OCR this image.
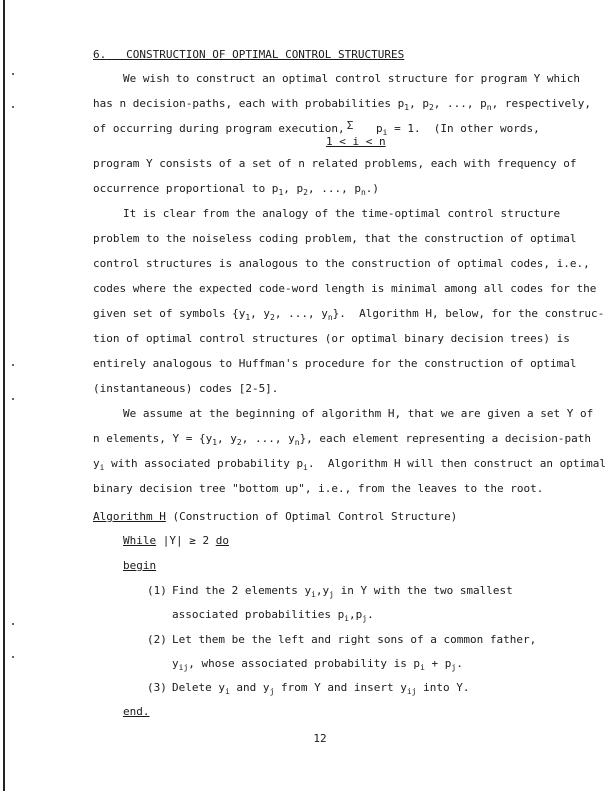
6. CONSTRUCTION OF OPTIMAL CONTROL STRUCTURES
We wish to construct an optimal control structure for program Y which
has n decision-paths, each with probabilities $p_1$, $p_2$, ..., $p_n$, respectively,
of occurring during program execution, Σ	$p_i = 1$.  (In other words,
1 < i < n
program Y consists of a set of n related problems, each with frequency of
occurrence proportional to $p_1$, $p_2$, ..., $p_n$.)
It is clear from the analogy of the time-optimal control structure
problem to the noiseless coding problem, that the construction of optimal
control structures is analogous to the construction of optimal codes, i.e.,
codes where the expected code-word length is minimal among all codes for the
given set of symbols {$y_1$, $y_2$, ..., $y_n$}.  Algorithm H, below, for the construc-
tion of optimal control structures (or optimal binary decision trees) is
entirely analogous to Huffman's procedure for the construction of optimal
(instantaneous) codes [2-5].
We assume at the beginning of algorithm H, that we are given a set Y of
n elements, $Y = \{y_1$, $y_2$, ..., $y_n$}, each element representing a decision-path
$y_i$ with associated probability $p_i$.  Algorithm H will then construct an optimal
binary decision tree "bottom up", i.e., from the leaves to the root.
Algorithm H (Construction of Optimal Control Structure)
While |Y| ≥ 2 do
begin
(1) Find the 2 elements $y_i,y_j$ in Y with the two smallest
associated probabilities $p_i,p_j$.
(2) Let them be the left and right sons of a common father,
$y_{ij}$, whose associated probability is $p_i + p_j$.
(3) Delete $y_i$ and $y_j$ from Y and insert $y_{ij}$ into Y.
end.
12
